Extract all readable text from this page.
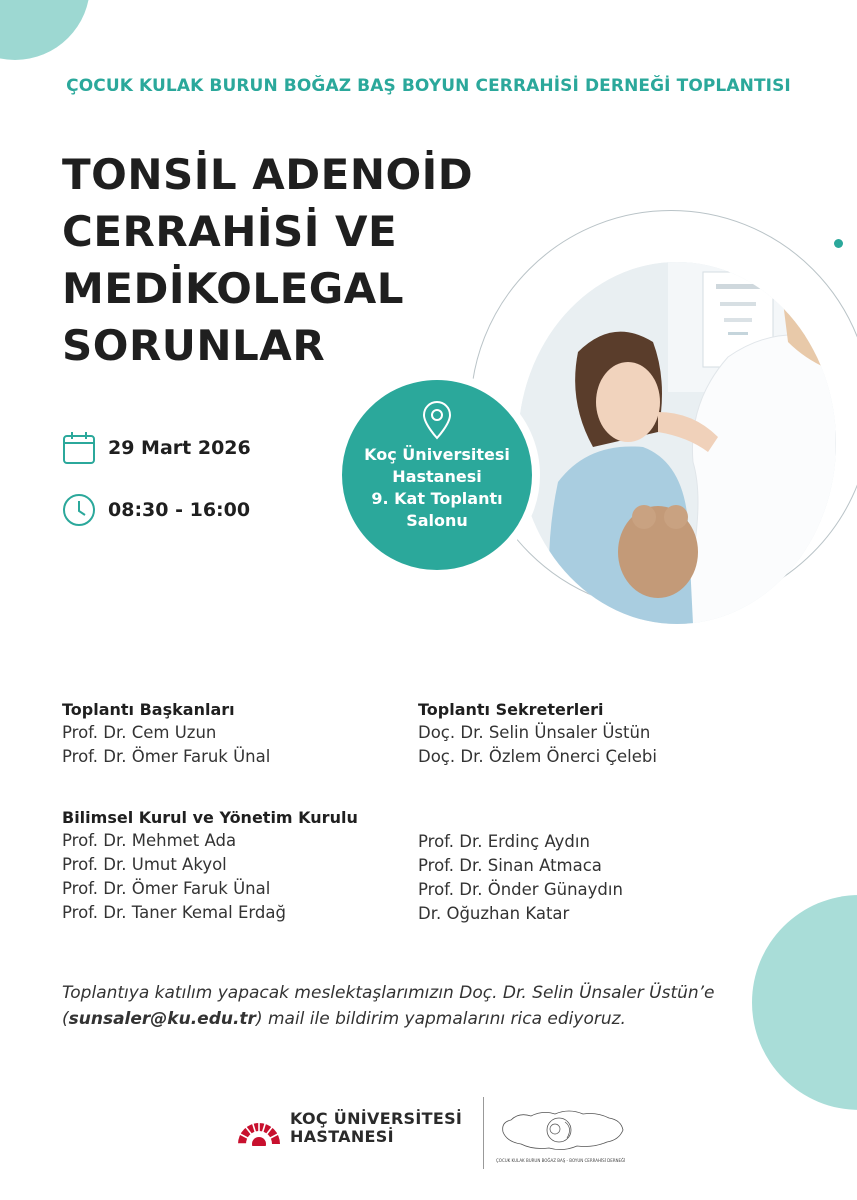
ÇOCUK KULAK BURUN BOĞAZ BAŞ BOYUN CERRAHİSİ DERNEĞİ TOPLANTISI
TONSİL ADENOİD
CERRAHİSİ VE
MEDİKOLEGAL
SORUNLAR
29 Mart 2026
08:30 - 16:00
Koç Üniversitesi
Hastanesi
9. Kat Toplantı
Salonu
Toplantı Başkanları
Prof. Dr. Cem Uzun
Prof. Dr. Ömer Faruk Ünal
Toplantı Sekreterleri
Doç. Dr. Selin Ünsaler Üstün
Doç. Dr. Özlem Önerci Çelebi
Bilimsel Kurul ve Yönetim Kurulu
Prof. Dr. Mehmet Ada
Prof. Dr. Umut Akyol
Prof. Dr. Ömer Faruk Ünal
Prof. Dr. Taner Kemal Erdağ
Prof. Dr. Erdinç Aydın
Prof. Dr. Sinan Atmaca
Prof. Dr. Önder Günaydın
Dr. Oğuzhan Katar
Toplantıya katılım yapacak meslektaşlarımızın Doç. Dr. Selin Ünsaler Üstün’e
(sunsaler@ku.edu.tr) mail ile bildirim yapmalarını rica ediyoruz.
KOÇ ÜNİVERSİTESİ
HASTANESİ
ÇOCUK KULAK BURUN BOĞAZ BAŞ - BOYUN CERRAHİSİ DERNEĞİ
